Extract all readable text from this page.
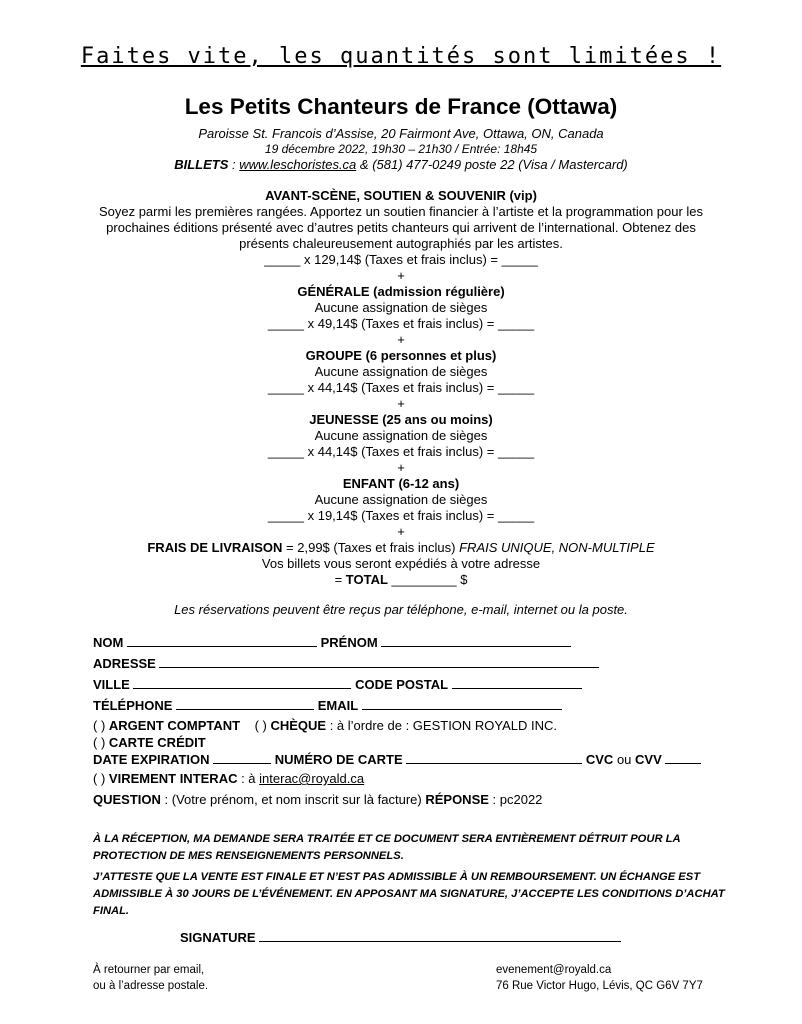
Faites vite, les quantités sont limitées !
Les Petits Chanteurs de France (Ottawa)
Paroisse St. Francois d’Assise, 20 Fairmont Ave, Ottawa, ON, Canada
19 décembre 2022, 19h30 – 21h30 / Entrée: 18h45
BILLETS : www.leschoristes.ca & (581) 477-0249 poste 22 (Visa / Mastercard)

AVANT-SCÈNE, SOUTIEN & SOUVENIR (vip)

Soyez parmi les premières rangées. Apportez un soutien financier à l’artiste et la programmation pour les prochaines éditions présenté avec d’autres petits chanteurs qui arrivent de l’international. Obtenez des présents chaleureusement autographiés par les artistes.

_____ x 129,14$ (Taxes et frais inclus) = _____

+

GÉNÉRALE (admission régulière)

Aucune assignation de sièges

_____ x 49,14$ (Taxes et frais inclus) = _____

+

GROUPE (6 personnes et plus)

Aucune assignation de sièges

_____ x 44,14$ (Taxes et frais inclus) = _____

+

JEUNESSE (25 ans ou moins)

Aucune assignation de sièges

_____ x 44,14$ (Taxes et frais inclus) = _____

+

ENFANT (6-12 ans)

Aucune assignation de sièges

_____ x 19,14$ (Taxes et frais inclus) = _____

+

FRAIS DE LIVRAISON = 2,99$ (Taxes et frais inclus) FRAIS UNIQUE, NON-MULTIPLE

Vos billets vous seront expédiés à votre adresse

= TOTAL _________ $

Les réservations peuvent être reçus par téléphone, e-mail, internet ou la poste.
NOM	PRÉNOM
ADRESSE
VILLE	CODE POSTAL
TÉLÉPHONE	EMAIL
( ) ARGENT COMPTANT ( ) CHÈQUE : à l’ordre de : GESTION ROYALD INC.
( ) CARTE CRÉDIT
DATE EXPIRATION	NUMÉRO DE CARTE	CVC ou CVV
( ) VIREMENT INTERAC : à interac@royald.ca
QUESTION : (Votre prénom, et nom inscrit sur là facture) RÉPONSE : pc2022

À LA RÉCEPTION, MA DEMANDE SERA TRAITÉE ET CE DOCUMENT SERA ENTIÈREMENT DÉTRUIT POUR LA PROTECTION DE MES RENSEIGNEMENTS PERSONNELS.

J’ATTESTE QUE LA VENTE EST FINALE ET N’EST PAS ADMISSIBLE À UN REMBOURSEMENT. UN ÉCHANGE EST ADMISSIBLE À 30 JOURS DE L’ÉVÉNEMENT. EN APPOSANT MA SIGNATURE, J’ACCEPTE LES CONDITIONS D’ACHAT FINAL.

SIGNATURE
À retourner par email,
ou à l’adresse postale.
evenement@royald.ca
76 Rue Victor Hugo, Lévis, QC G6V 7Y7
